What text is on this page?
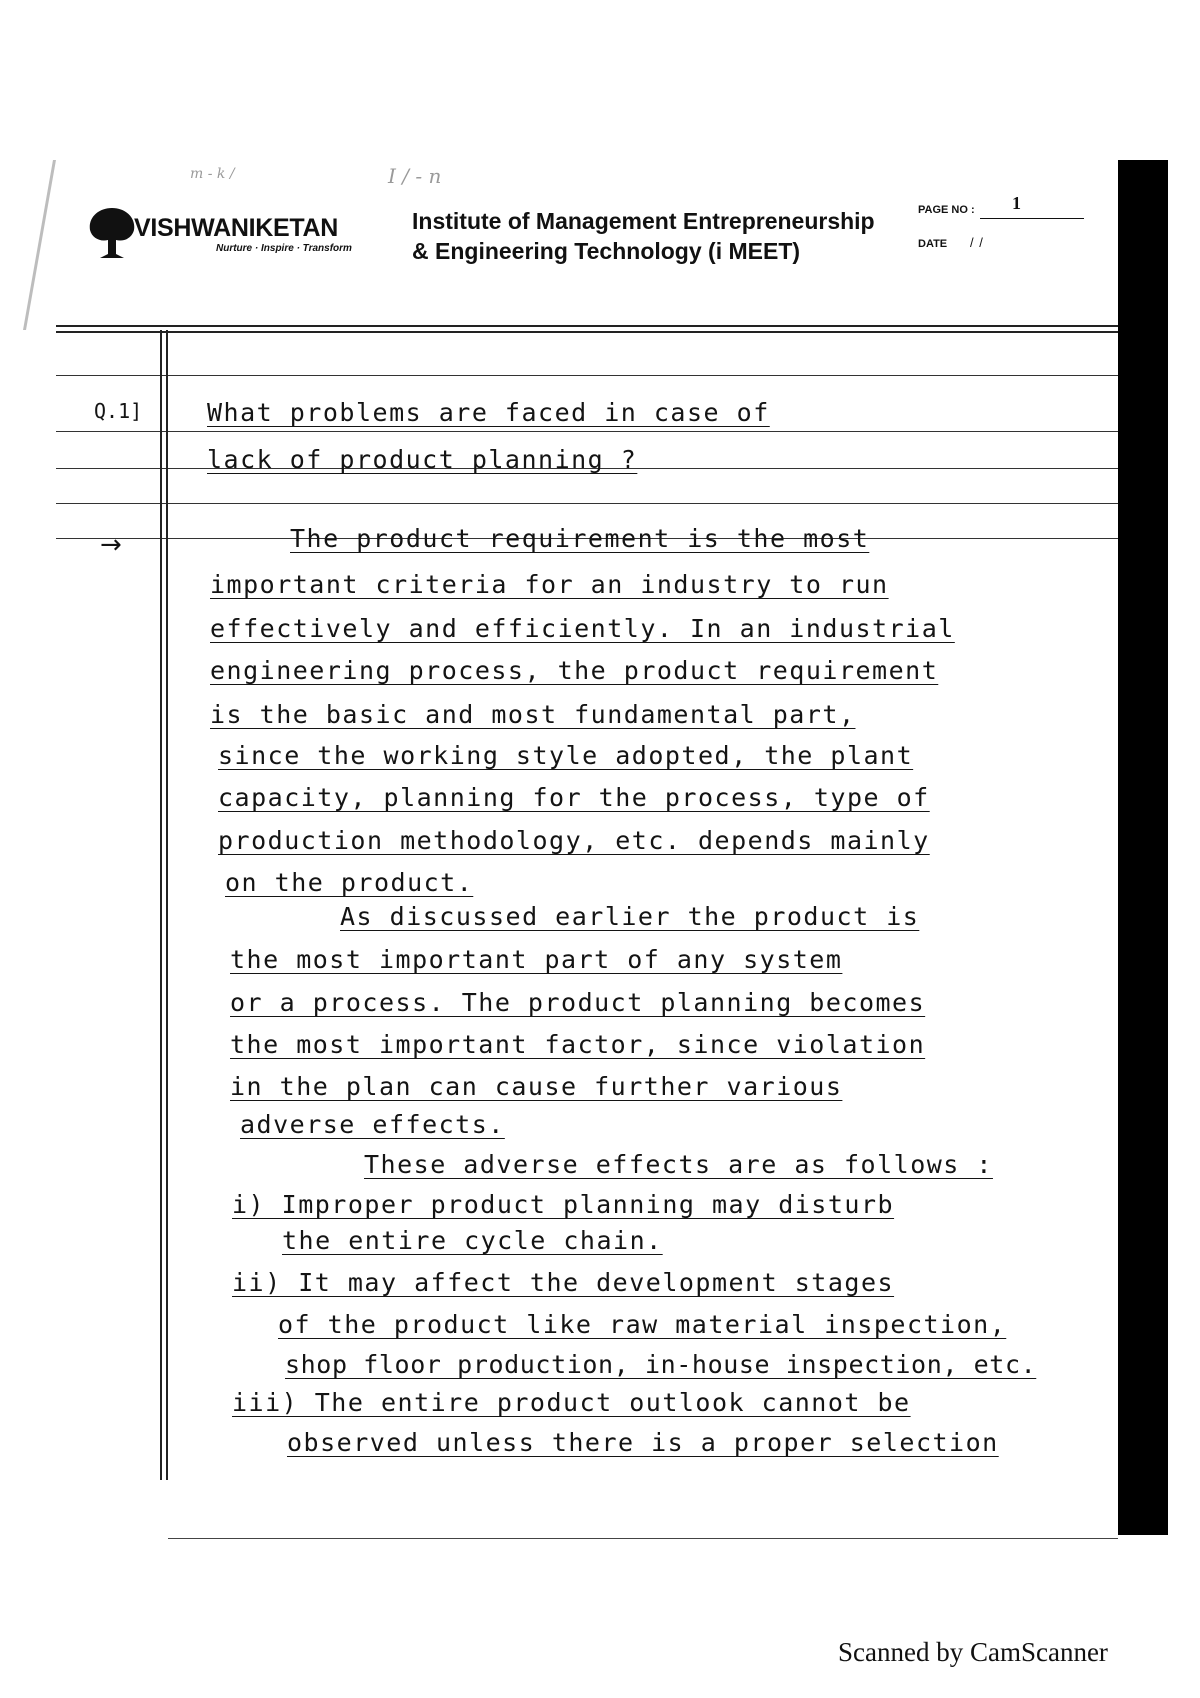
m - k /	I / - n
VISHWANIKETAN
Nurture · Inspire · Transform
Institute of Management Entrepreneurship
& Engineering Technology (i MEET)
PAGE NO : 1
DATE / /
Q.1]	What problems are faced in case of
lack of product planning ?
→	The product requirement is the most
important criteria for an industry to run
effectively and efficiently. In an industrial
engineering process, the product requirement
is the basic and most fundamental part,
since the working style adopted, the plant
capacity, planning for the process, type of
production methodology, etc. depends mainly
on the product.
As discussed earlier the product is
the most important part of any system
or a process. The product planning becomes
the most important factor, since violation
in the plan can cause further various
adverse effects.
These adverse effects are as follows :
i) Improper product planning may disturb
the entire cycle chain.
ii) It may affect the development stages
of the product like raw material inspection,
shop floor production, in-house inspection, etc.
iii) The entire product outlook cannot be
observed unless there is a proper selection
Scanned by CamScanner
